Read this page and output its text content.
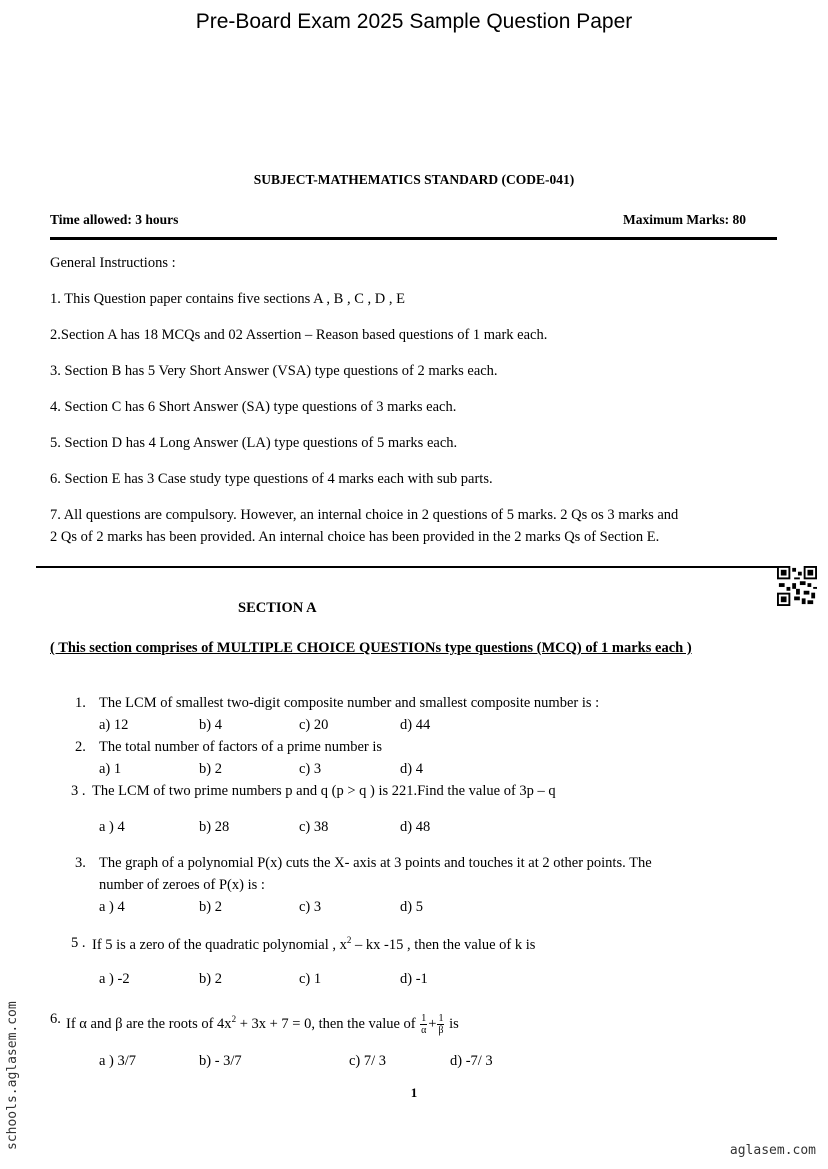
Pre-Board Exam 2025 Sample Question Paper
SUBJECT-MATHEMATICS STANDARD (CODE-041)
Time allowed: 3 hours	Maximum Marks: 80
General Instructions :
1. This Question paper contains five sections A , B , C , D , E
2.Section A has 18 MCQs and 02 Assertion – Reason based questions of 1 mark each.
3. Section B has 5 Very Short Answer (VSA) type questions of 2 marks each.
4. Section C has 6 Short Answer (SA) type questions of 3 marks each.
5. Section D has 4 Long Answer (LA) type questions of 5 marks each.
6. Section E has 3 Case study type questions of 4 marks each with sub parts.
7. All questions are compulsory. However, an internal choice in 2 questions of 5 marks. 2 Qs os 3 marks and
2 Qs of 2 marks has been provided. An internal choice has been provided in the 2 marks Qs of Section E.
SECTION A
( This section comprises of MULTIPLE CHOICE QUESTIONs type questions (MCQ) of 1 marks each )
1. The LCM of smallest two-digit composite number and smallest composite number is :
a) 12	b) 4	c) 20	d) 44
2. The total number of factors of a prime number is
a) 1	b) 2	c) 3	d) 4
3 . The LCM of two prime numbers p and q (p > q ) is 221.Find the value of 3p – q
a ) 4	b) 28	c) 38	d) 48
3. The graph of a polynomial P(x) cuts the X- axis at 3 points and touches it at 2 other points. The
number of zeroes of P(x) is :
a ) 4	b) 2	c) 3	d) 5
5 . If 5 is a zero of the quadratic polynomial , $x^2$ – kx -15 , then the value of k is
a ) -2	b) 2	c) 1	d) -1
6. If α and β are the roots of $4x^2 + 3x + 7 = 0$, then the value of $\frac{1}{\alpha} + \frac{1}{\beta}$ is
a ) 3/7	b) - 3/7	c) 7/ 3	d) -7/ 3
1
schools.aglasem.com
aglasem.com
